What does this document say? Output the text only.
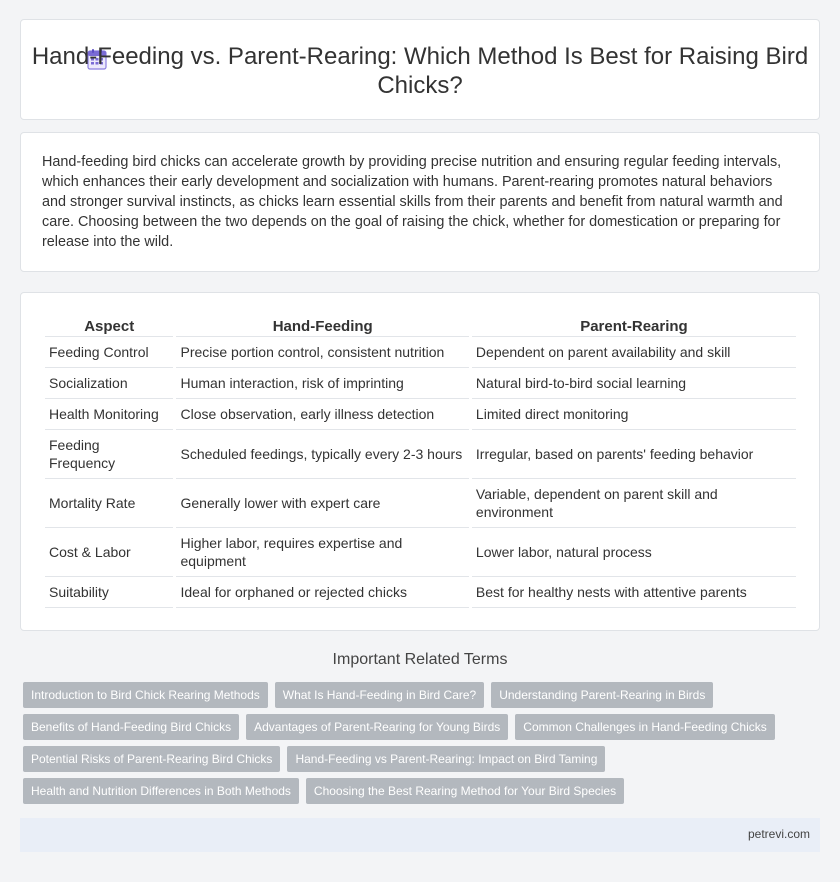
Hand-Feeding vs. Parent-Rearing: Which Method Is Best for Raising Bird Chicks?

Hand-feeding bird chicks can accelerate growth by providing precise nutrition and ensuring regular feeding intervals, which enhances their early development and socialization with humans. Parent-rearing promotes natural behaviors and stronger survival instincts, as chicks learn essential skills from their parents and benefit from natural warmth and care. Choosing between the two depends on the goal of raising the chick, whether for domestication or preparing for release into the wild.

Aspect	Hand-Feeding	Parent-Rearing
Feeding Control	Precise portion control, consistent nutrition	Dependent on parent availability and skill
Socialization	Human interaction, risk of imprinting	Natural bird-to-bird social learning
Health Monitoring	Close observation, early illness detection	Limited direct monitoring
Feeding Frequency	Scheduled feedings, typically every 2-3 hours	Irregular, based on parents' feeding behavior
Mortality Rate	Generally lower with expert care	Variable, dependent on parent skill and environment
Cost & Labor	Higher labor, requires expertise and equipment	Lower labor, natural process
Suitability	Ideal for orphaned or rejected chicks	Best for healthy nests with attentive parents
Important Related Terms
Introduction to Bird Chick Rearing Methods	What Is Hand-Feeding in Bird Care?	Understanding Parent-Rearing in Birds
Benefits of Hand-Feeding Bird Chicks	Advantages of Parent-Rearing for Young Birds	Common Challenges in Hand-Feeding Chicks
Potential Risks of Parent-Rearing Bird Chicks	Hand-Feeding vs Parent-Rearing: Impact on Bird Taming
Health and Nutrition Differences in Both Methods	Choosing the Best Rearing Method for Your Bird Species
petrevi.com
